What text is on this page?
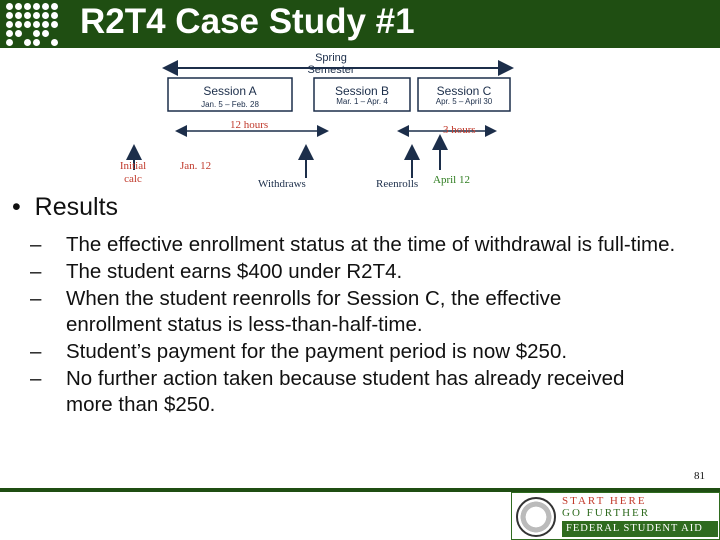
R2T4 Case Study #1
Spring Semester
Session A
Jan. 5 – Feb. 28
Session B
Mar. 1 – Apr. 4
Session C
Apr. 5 – April 30
12 hours	3 hours
Initial calc
Jan. 12
Withdraws	Reenrolls April 12
•  Results
– The effective enrollment status at the time of withdrawal is full-time.
– The student earns $400 under R2T4.
– When the student reenrolls for Session C, the effective enrollment status is less-than-half-time.
– Student’s payment for the payment period is now $250.
– No further action taken because student has already received more than $250.
81
START HERE
GO FURTHER
FEDERAL STUDENT AID
